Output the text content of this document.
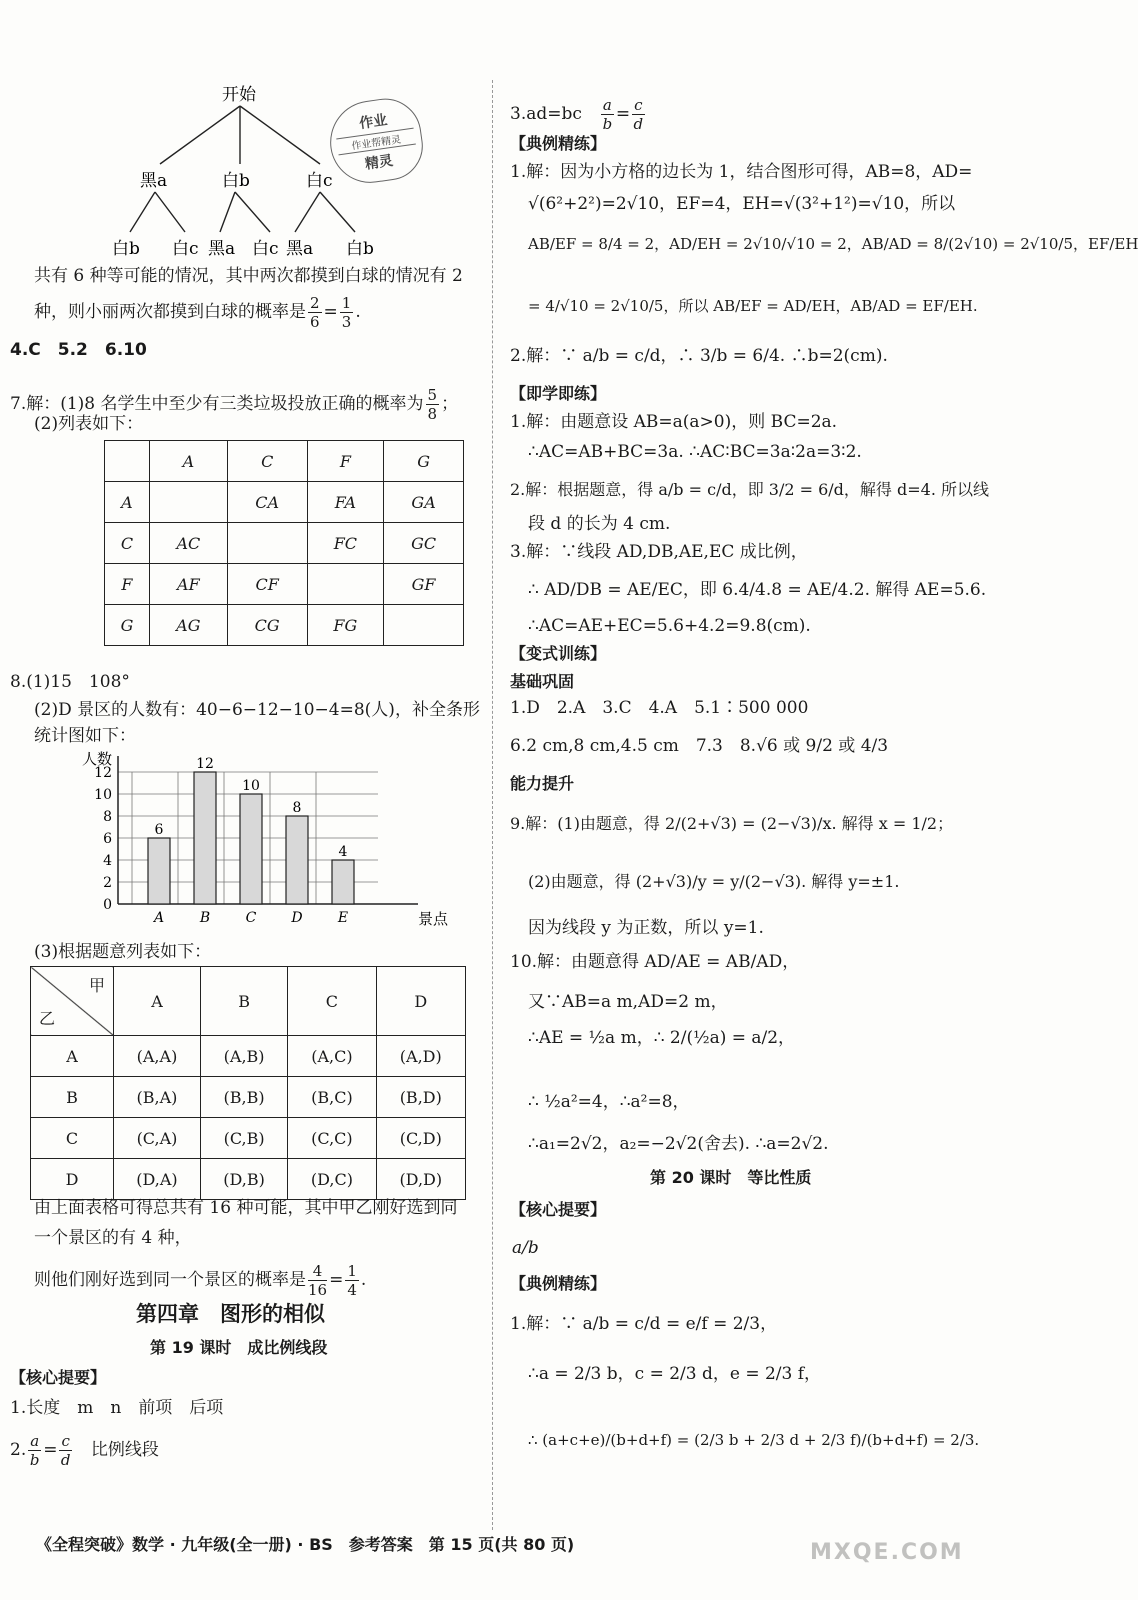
开始
黑a	白b	白c
白b 白c 黑a 白c 黑a 白b
作业
作业帮精灵
精灵
共有 6 种等可能的情况，其中两次都摸到白球的情况有 2
种，则小丽两次都摸到白球的概率是 $\frac{2}{6} = \frac{1}{3}$ .
4.C　5.2　6.10
7.解：(1)8 名学生中至少有三类垃圾投放正确的概率为 $\frac{5}{8}$ ；
(2)列表如下：
	A	C	F	G
A		CA	FA	GA
C	AC		FC	GC
F	AF	CF		GF
G	AG	CG	FG	
8.(1)15　108°
(2)D 景区的人数有：40−6−12−10−4=8(人)，补全条形
统计图如下：
0
2
4
6
8
10
12
人数
景点
6
A
12
B
10
C
8
D
4
E
(3)根据题意列表如下：
甲
乙	A	B	C	D
A	(A,A)	(A,B)	(A,C)	(A,D)
B	(B,A)	(B,B)	(B,C)	(B,D)
C	(C,A)	(C,B)	(C,C)	(C,D)
D	(D,A)	(D,B)	(D,C)	(D,D)
由上面表格可得总共有 16 种可能，其中甲乙刚好选到同
一个景区的有 4 种，
则他们刚好选到同一个景区的概率是 $\frac{4}{16} = \frac{1}{4}$ .
第四章　图形的相似
第 19 课时　成比例线段
【核心提要】
1.长度　m　n　前项　后项
2. $\frac{a}{b} = \frac{c}{d}$
　 比例线段
3.ad=bc　 $\frac{a}{b} = \frac{c}{d}$
【典例精练】
1.解：因为小方格的边长为 1，结合图形可得，AB=8，AD=
√(6²+2²)=2√10，EF=4，EH=√(3²+1²)=√10，所以
AB/EF = 8/4 = 2，AD/EH = 2√10/√10 = 2，AB/AD = 8/(2√10) = 2√10/5，EF/EH
= 4/√10 = 2√10/5，所以 AB/EF = AD/EH，AB/AD = EF/EH.
2.解：∵ a/b = c/d，∴ 3/b = 6/4. ∴b=2(cm).
【即学即练】
1.解：由题意设 AB=a(a>0)，则 BC=2a.
∴AC=AB+BC=3a. ∴AC∶BC=3a∶2a=3∶2.
2.解：根据题意，得 a/b = c/d，即 3/2 = 6/d，解得 d=4. 所以线
段 d 的长为 4 cm.
3.解：∵线段 AD,DB,AE,EC 成比例，
∴ AD/DB = AE/EC，即 6.4/4.8 = AE/4.2. 解得 AE=5.6.
∴AC=AE+EC=5.6+4.2=9.8(cm).
【变式训练】
基础巩固
1.D　2.A　3.C　4.A　5.1∶500 000
6.2 cm,8 cm,4.5 cm　7.3　8.√6 或 9/2 或 4/3
能力提升
9.解：(1)由题意，得 2/(2+√3) = (2−√3)/x. 解得 x = 1/2；
(2)由题意，得 (2+√3)/y = y/(2−√3). 解得 y=±1.
因为线段 y 为正数，所以 y=1.
10.解：由题意得 AD/AE = AB/AD，
又∵AB=a m,AD=2 m，
∴AE = ½a m，∴ 2/(½a) = a/2，
∴ ½a²=4，∴a²=8，
∴a₁=2√2，a₂=−2√2(舍去). ∴a=2√2.
第 20 课时　等比性质
【核心提要】
a/b
【典例精练】
1.解：∵ a/b = c/d = e/f = 2/3，
∴a = 2/3 b，c = 2/3 d，e = 2/3 f，
∴ (a+c+e)/(b+d+f) = (2/3 b + 2/3 d + 2/3 f)/(b+d+f) = 2/3.
《全程突破》数学 · 九年级(全一册) · BS　参考答案　第 15 页(共 80 页)	MXQE.COM
